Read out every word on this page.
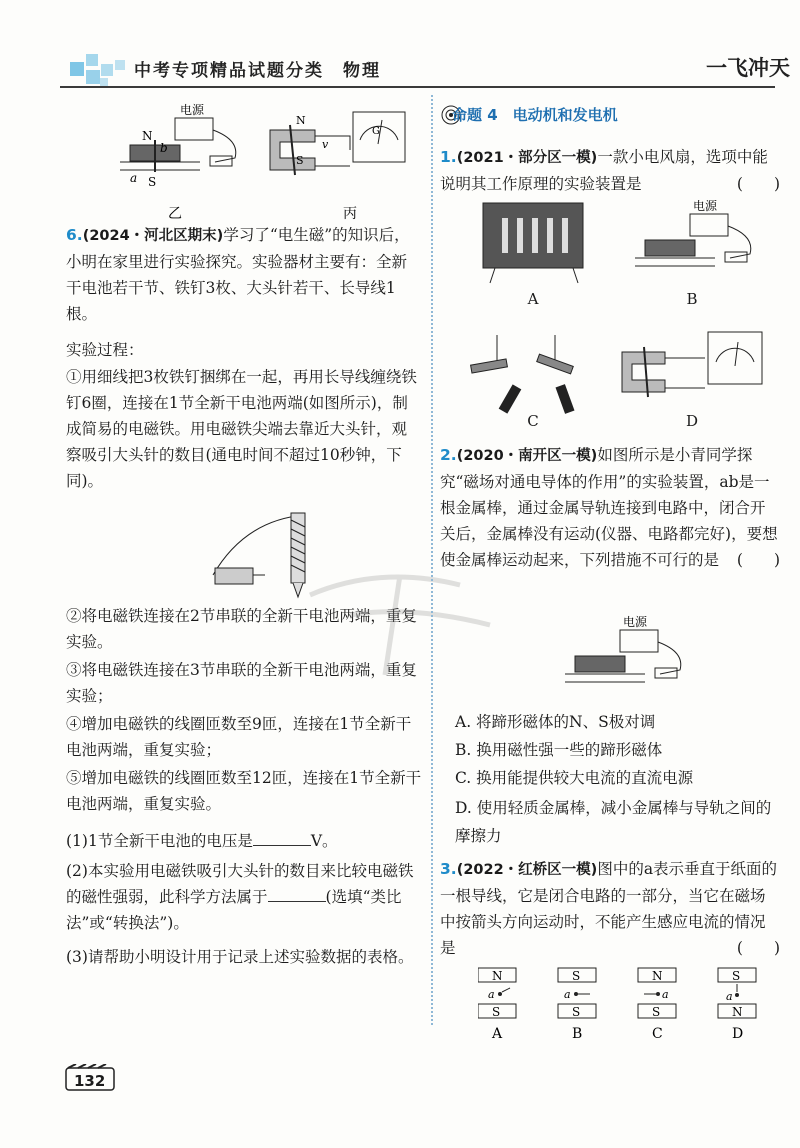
中考专项精品试题分类　物理	一飞冲天
电源
N
S
a
b
乙
N
S
v
G
丙
6.(2024・河北区期末)学习了“电生磁”的知识后，小明在家里进行实验探究。实验器材主要有：全新干电池若干节、铁钉3枚、大头针若干、长导线1根。
实验过程：
①用细线把3枚铁钉捆绑在一起，再用长导线缠绕铁钉6圈，连接在1节全新干电池两端(如图所示)，制成简易的电磁铁。用电磁铁尖端去靠近大头针，观察吸引大头针的数目(通电时间不超过10秒钟，下同)。
②将电磁铁连接在2节串联的全新干电池两端，重复实验。
③将电磁铁连接在3节串联的全新干电池两端，重复实验；
④增加电磁铁的线圈匝数至9匝，连接在1节全新干电池两端，重复实验；
⑤增加电磁铁的线圈匝数至12匝，连接在1节全新干电池两端，重复实验。
(1)1节全新干电池的电压是	V。
(2)本实验用电磁铁吸引大头针的数目来比较电磁铁的磁性强弱，此科学方法属于	(选填“类比法”或“转换法”)。
(3)请帮助小明设计用于记录上述实验数据的表格。
132
命题 4　电动机和发电机
1.(2021・部分区一模)一款小电风扇，选项中能说明其工作原理的实验装置是	(　　)
A
电源
B
C	D
2.(2020・南开区一模)如图所示是小青同学探究“磁场对通电导体的作用”的实验装置，ab是一根金属棒，通过金属导轨连接到电路中，闭合开关后，金属棒没有运动(仪器、电路都完好)，要想使金属棒运动起来，下列措施不可行的是 (　　)
电源
A. 将蹄形磁体的N、S极对调
B. 换用磁性强一些的蹄形磁体
C. 换用能提供较大电流的直流电源
D. 使用轻质金属棒，减小金属棒与导轨之间的摩擦力
3.(2022・红桥区一模)图中的a表示垂直于纸面的一根导线，它是闭合电路的一部分，当它在磁场中按箭头方向运动时，不能产生感应电流的情况是	(　　)
N
a
S
A
S
a
S
B
N
a
S
C
S
a
N
D
